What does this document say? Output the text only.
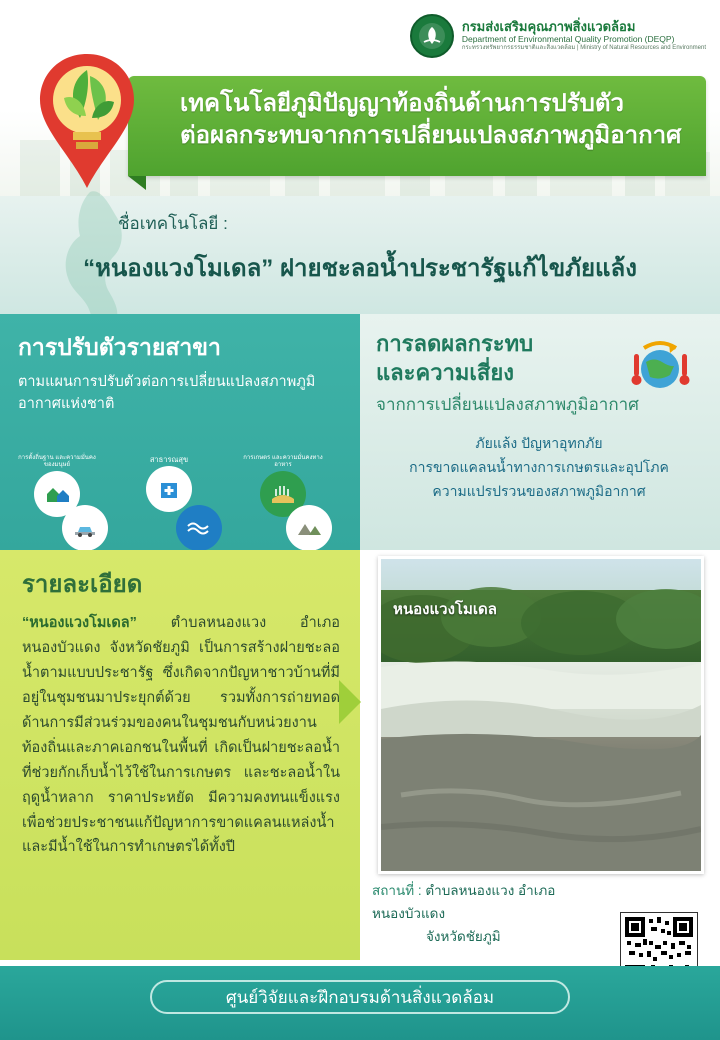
กรมส่งเสริมคุณภาพสิ่งแวดล้อม
Department of Environmental Quality Promotion (DEQP)
กระทรวงทรัพยากรธรรมชาติและสิ่งแวดล้อม | Ministry of Natural Resources and Environment
เทคโนโลยีภูมิปัญญาท้องถิ่นด้านการปรับตัว
ต่อผลกระทบจากการเปลี่ยนแปลงสภาพภูมิอากาศ
ชื่อเทคโนโลยี :
“หนองแวงโมเดล” ฝายชะลอน้ำประชารัฐแก้ไขภัยแล้ง
การปรับตัวรายสาขา

ตามแผนการปรับตัวต่อการเปลี่ยนแปลงสภาพภูมิอากาศแห่งชาติ

การตั้งถิ่นฐาน และความมั่นคงของมนุษย์
สาธารณสุข	การเกษตร และความมั่นคงทางอาหาร
การลดผลกระทบ
และความเสี่ยง

จากการเปลี่ยนแปลงสภาพภูมิอากาศ

ภัยแล้ง ปัญหาอุทกภัย
การขาดแคลนน้ำทางการเกษตรและอุปโภค
ความแปรปรวนของสภาพภูมิอากาศ
รายละเอียด
“หนองแวงโมเดล” ตำบลหนองแวง อำเภอหนองบัวแดง จังหวัดชัยภูมิ เป็นการสร้างฝายชะลอน้ำตามแบบประชารัฐ ซึ่งเกิดจากปัญหาชาวบ้านที่มีอยู่ในชุมชนมาประยุกต์ด้วย รวมทั้งการถ่ายทอดด้านการมีส่วนร่วมของคนในชุมชนกับหน่วยงานท้องถิ่นและภาคเอกชนในพื้นที่ เกิดเป็นฝายชะลอน้ำที่ช่วยกักเก็บน้ำไว้ใช้ในการเกษตร และชะลอน้ำในฤดูน้ำหลาก ราคาประหยัด มีความคงทนแข็งแรง เพื่อช่วยประชาชนแก้ปัญหาการขาดแคลนแหล่งน้ำ และมีน้ำใช้ในการทำเกษตรได้ทั้งปี
หนองแวงโมเดล
สถานที่ : ตำบลหนองแวง อำเภอหนองบัวแดง
จังหวัดชัยภูมิ
ศูนย์วิจัยและฝึกอบรมด้านสิ่งแวดล้อม
